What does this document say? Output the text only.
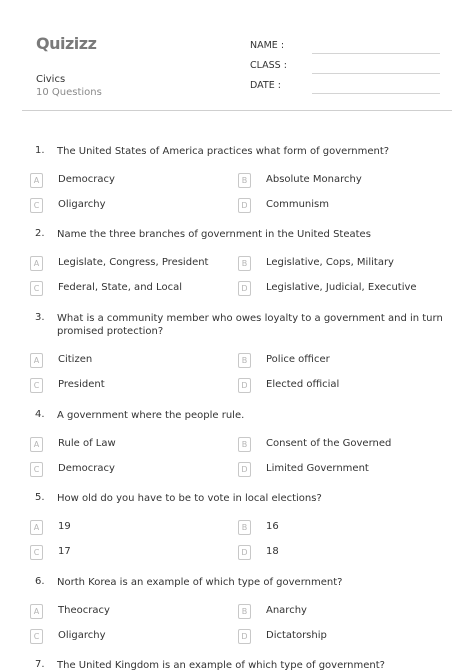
Quizizz
Civics
10 Questions
NAME :
CLASS :
DATE :
1. The United States of America practices what form of government?
A	Democracy	B	Absolute Monarchy
C	Oligarchy	D	Communism
2. Name the three branches of government in the United Steates
A	Legislate, Congress, President	B	Legislative, Cops, Military
C	Federal, State, and Local	D	Legislative, Judicial, Executive
3. What is a community member who owes loyalty to a government and in turn promised protection?
A	Citizen	B	Police officer
C	President	D	Elected official
4. A government where the people rule.
A	Rule of Law	B	Consent of the Governed
C	Democracy	D	Limited Government
5. How old do you have to be to vote in local elections?
A	19	B	16
C	17	D	18
6. North Korea is an example of which type of government?
A	Theocracy	B	Anarchy
C	Oligarchy	D	Dictatorship
7. The United Kingdom is an example of which type of government?
